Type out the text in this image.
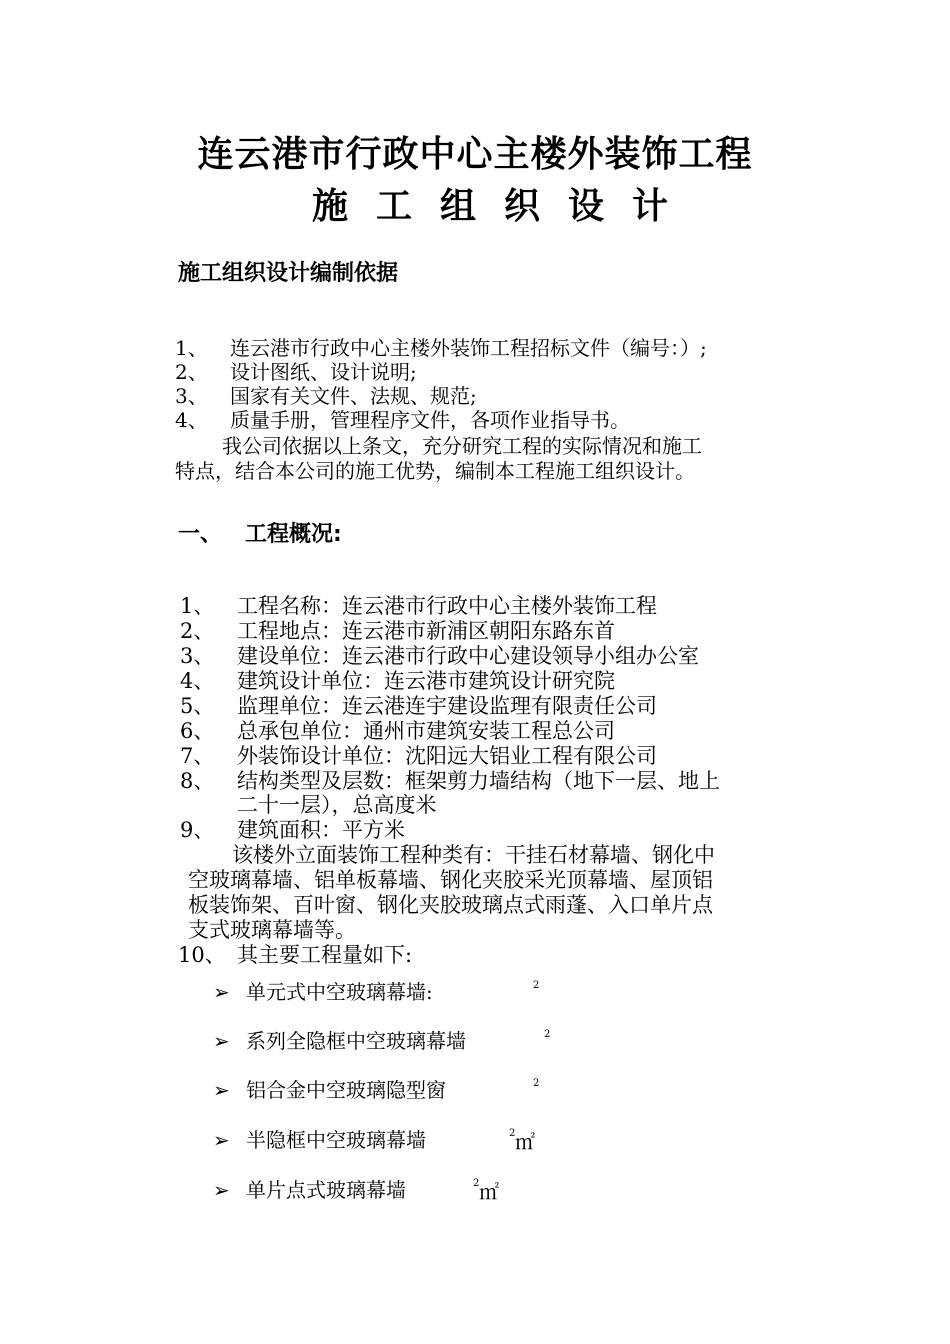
连云港市行政中心主楼外装饰工程
施工组织设计
施工组织设计编制依据
1、 连云港市行政中心主楼外装饰工程招标文件（编号：）;
2、 设计图纸、设计说明;
3、 国家有关文件、法规、规范;
4、 质量手册，管理程序文件，各项作业指导书。
我公司依据以上条文，充分研究工程的实际情况和施工
特点，结合本公司的施工优势，编制本工程施工组织设计。
一、 工程概况:
1、 工程名称：连云港市行政中心主楼外装饰工程
2、 工程地点：连云港市新浦区朝阳东路东首
3、 建设单位：连云港市行政中心建设领导小组办公室
4、 建筑设计单位：连云港市建筑设计研究院
5、 监理单位：连云港连宇建设监理有限责任公司
6、 总承包单位：通州市建筑安装工程总公司
7、 外装饰设计单位：沈阳远大铝业工程有限公司
8、 结构类型及层数：框架剪力墙结构（地下一层、地上
二十一层），总高度米
9、 建筑面积：平方米
该楼外立面装饰工程种类有：干挂石材幕墙、钢化中
空玻璃幕墙、铝单板幕墙、钢化夹胶采光顶幕墙、屋顶铝
板装饰架、百叶窗、钢化夹胶玻璃点式雨蓬、入口单片点
支式玻璃幕墙等。
10、 其主要工程量如下:
➢ 单元式中空玻璃幕墙:	2
➢ 系列全隐框中空玻璃幕墙	2
➢ 铝合金中空玻璃隐型窗	2
➢ 半隐框中空玻璃幕墙	2 ㎡
➢ 单片点式玻璃幕墙	2 ㎡
